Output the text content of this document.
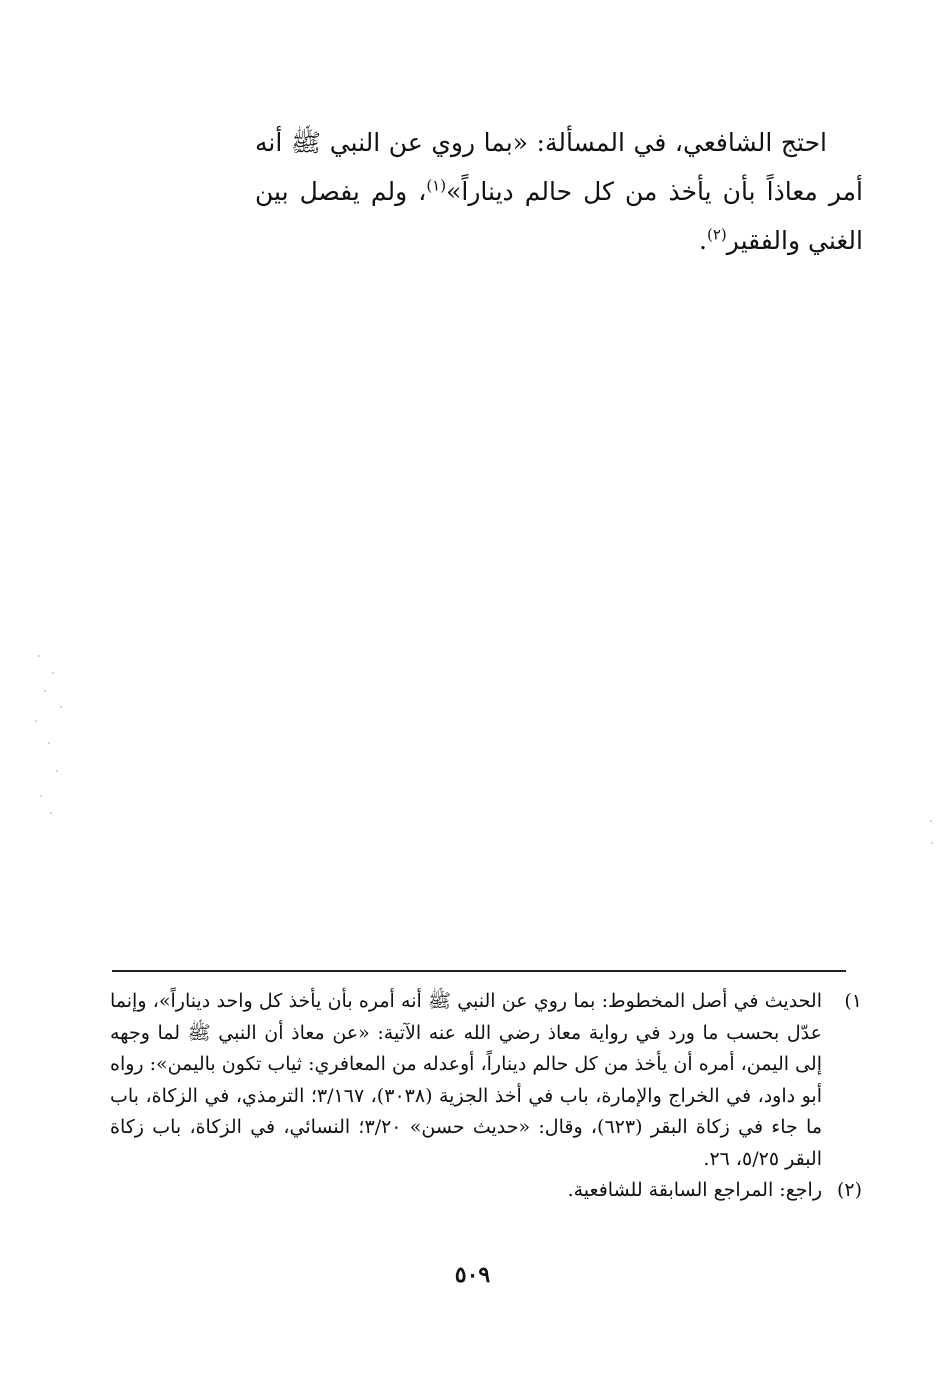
احتج الشافعي، في المسألة: «بما روي عن النبي ﷺ أنه أمر معاذاً بأن يأخذ من كل حالم ديناراً»$^{(١)}$، ولم يفصل بين الغني والفقير$^{(٢)}$.

١)
الحديث في أصل المخطوط: بما روي عن النبي ﷺ أنه أمره بأن يأخذ كل واحد ديناراً»، وإنما عدّل بحسب ما ورد في رواية معاذ رضي الله عنه الآتية: «عن معاذ أن النبي ﷺ لما وجهه إلى اليمن، أمره أن يأخذ من كل حالم ديناراً، أوعدله من المعافري: ثياب تكون باليمن»: رواه أبو داود، في الخراج والإمارة، باب في أخذ الجزية (٣٠٣٨)، ٣/١٦٧؛ الترمذي، في الزكاة، باب ما جاء في زكاة البقر (٦٢٣)، وقال: «حديث حسن» ٣/٢٠؛ النسائي، في الزكاة، باب زكاة البقر ٥/٢٥، ٢٦.
(٢)
راجع: المراجع السابقة للشافعية.
٥٠٩
